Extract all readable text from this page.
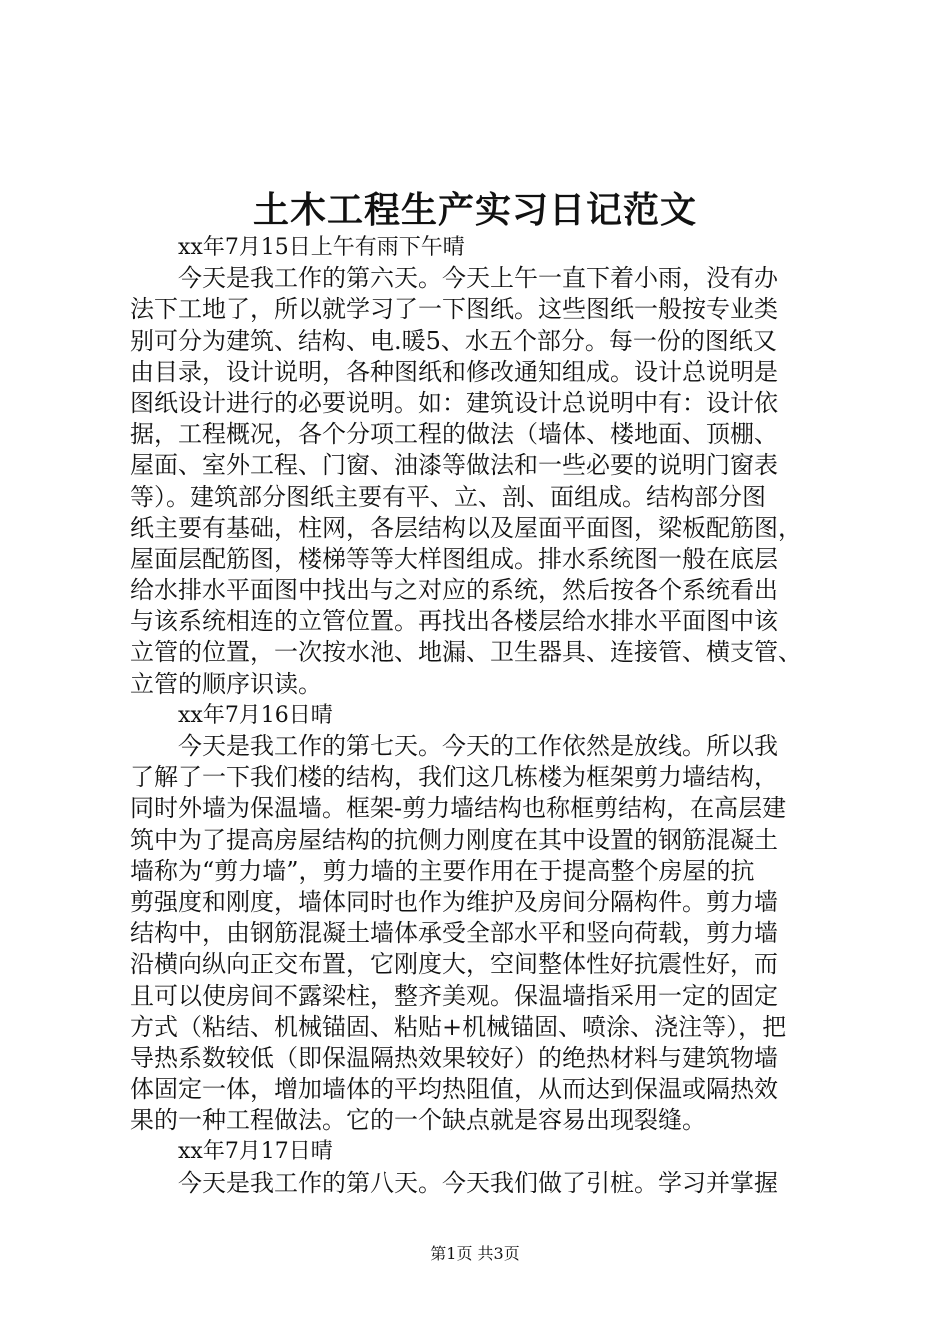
土木工程生产实习日记范文
xx年7月15日上午有雨下午晴
今天是我工作的第六天。今天上午一直下着小雨，没有办
法下工地了，所以就学习了一下图纸。这些图纸一般按专业类
别可分为建筑、结构、电.暖5、水五个部分。每一份的图纸又
由目录，设计说明，各种图纸和修改通知组成。设计总说明是
图纸设计进行的必要说明。如：建筑设计总说明中有：设计依
据，工程概况，各个分项工程的做法（墙体、楼地面、顶棚、
屋面、室外工程、门窗、油漆等做法和一些必要的说明门窗表
等）。建筑部分图纸主要有平、立、剖、面组成。结构部分图
纸主要有基础，柱网，各层结构以及屋面平面图，梁板配筋图，
屋面层配筋图，楼梯等等大样图组成。排水系统图一般在底层
给水排水平面图中找出与之对应的系统，然后按各个系统看出
与该系统相连的立管位置。再找出各楼层给水排水平面图中该
立管的位置，一次按水池、地漏、卫生器具、连接管、横支管、
立管的顺序识读。
xx年7月16日晴
今天是我工作的第七天。今天的工作依然是放线。所以我
了解了一下我们楼的结构，我们这几栋楼为框架剪力墙结构，
同时外墙为保温墙。框架-剪力墙结构也称框剪结构，在高层建
筑中为了提高房屋结构的抗侧力刚度在其中设置的钢筋混凝土
墙称为“剪力墙”，剪力墙的主要作用在于提高整个房屋的抗
剪强度和刚度，墙体同时也作为维护及房间分隔构件。剪力墙
结构中，由钢筋混凝土墙体承受全部水平和竖向荷载，剪力墙
沿横向纵向正交布置，它刚度大，空间整体性好抗震性好，而
且可以使房间不露梁柱，整齐美观。保温墙指采用一定的固定
方式（粘结、机械锚固、粘贴+机械锚固、喷涂、浇注等），把
导热系数较低（即保温隔热效果较好）的绝热材料与建筑物墙
体固定一体，增加墙体的平均热阻值，从而达到保温或隔热效
果的一种工程做法。它的一个缺点就是容易出现裂缝。
xx年7月17日晴
今天是我工作的第八天。今天我们做了引桩。学习并掌握
第1页 共3页
